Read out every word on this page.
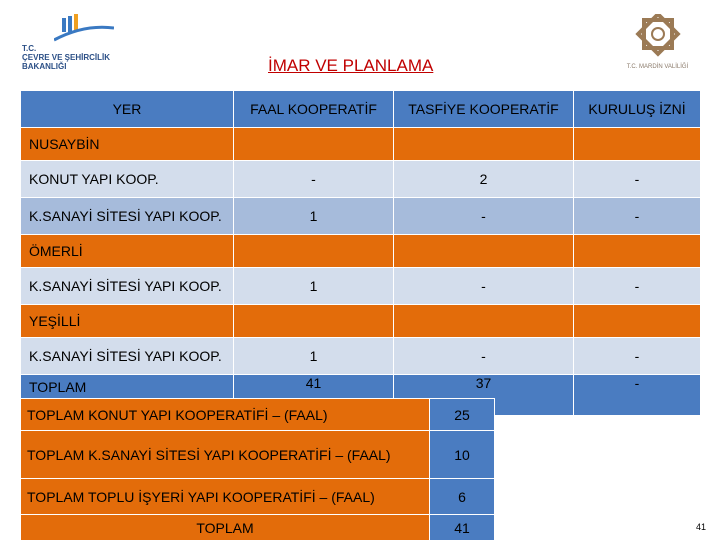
T.C.
ÇEVRE VE ŞEHİRCİLİK
BAKANLIĞI	İMAR VE PLANLAMA	T.C. MARDİN VALİLİĞİ
YER	FAAL KOOPERATİF	TASFİYE KOOPERATİF	KURULUŞ İZNİ
NUSAYBİN			
KONUT YAPI KOOP.	-	2	-
K.SANAYİ SİTESİ YAPI KOOP.	1	-	-
ÖMERLİ			
K.SANAYİ SİTESİ YAPI KOOP.	1	-	-
YEŞİLLİ			
K.SANAYİ SİTESİ YAPI KOOP.	1	-	-
TOPLAM	41	37	-
TOPLAM KONUT YAPI KOOPERATİFİ – (FAAL)	25
TOPLAM K.SANAYİ SİTESİ YAPI KOOPERATİFİ – (FAAL)	10
TOPLAM TOPLU İŞYERİ YAPI KOOPERATİFİ – (FAAL)	6
TOPLAM	41	41
